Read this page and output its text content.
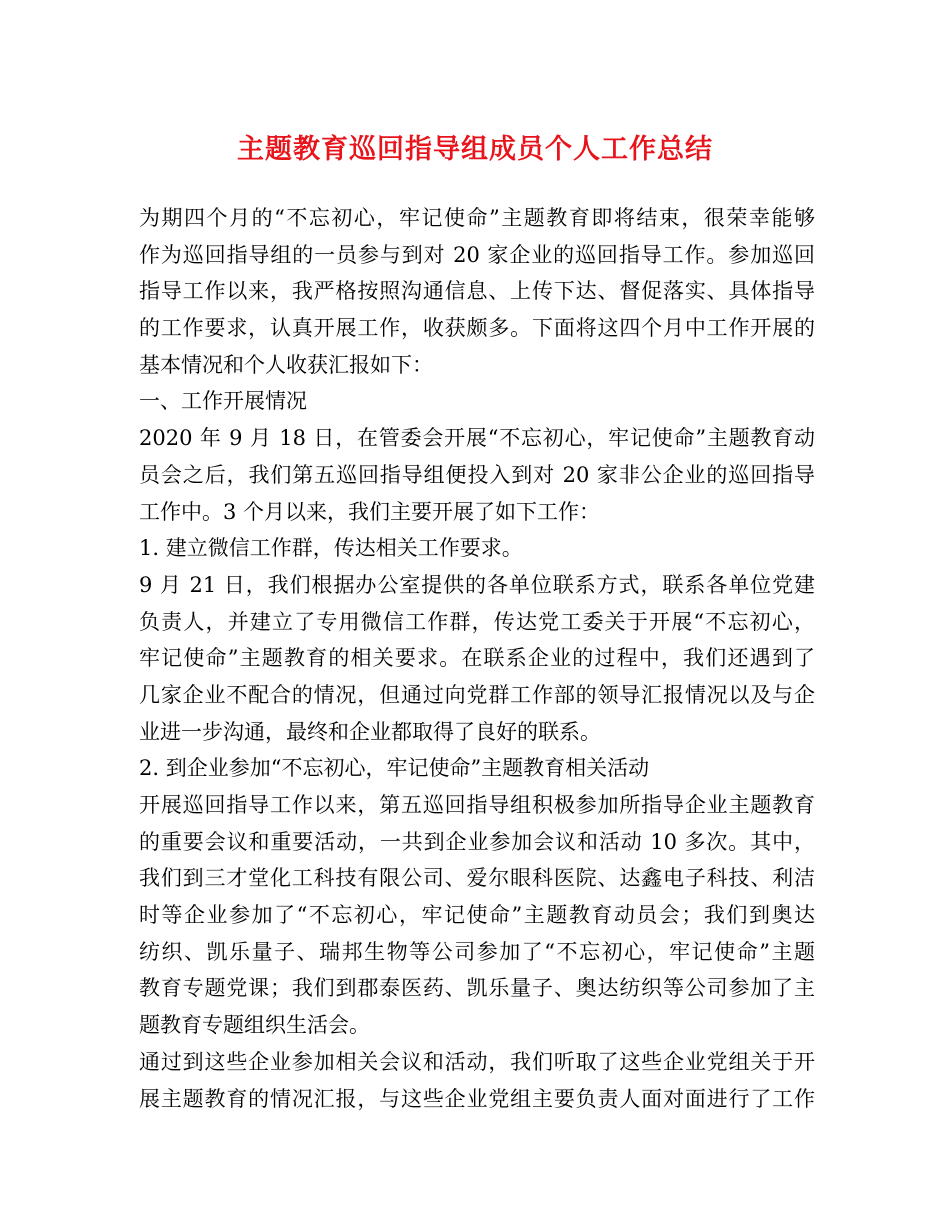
主题教育巡回指导组成员个人工作总结
为期四个月的“不忘初心，牢记使命”主题教育即将结束，很荣幸能够
作为巡回指导组的一员参与到对 20 家企业的巡回指导工作。参加巡回
指导工作以来，我严格按照沟通信息、上传下达、督促落实、具体指导
的工作要求，认真开展工作，收获颇多。下面将这四个月中工作开展的
基本情况和个人收获汇报如下：
一、工作开展情况
2020 年 9 月 18 日，在管委会开展“不忘初心，牢记使命”主题教育动
员会之后，我们第五巡回指导组便投入到对 20 家非公企业的巡回指导
工作中。3 个月以来，我们主要开展了如下工作：
1. 建立微信工作群，传达相关工作要求。
9 月 21 日，我们根据办公室提供的各单位联系方式，联系各单位党建
负责人，并建立了专用微信工作群，传达党工委关于开展“不忘初心，
牢记使命”主题教育的相关要求。在联系企业的过程中，我们还遇到了
几家企业不配合的情况，但通过向党群工作部的领导汇报情况以及与企
业进一步沟通，最终和企业都取得了良好的联系。
2. 到企业参加“不忘初心，牢记使命”主题教育相关活动
开展巡回指导工作以来，第五巡回指导组积极参加所指导企业主题教育
的重要会议和重要活动，一共到企业参加会议和活动 10 多次。其中，
我们到三才堂化工科技有限公司、爱尔眼科医院、达鑫电子科技、利洁
时等企业参加了“不忘初心，牢记使命”主题教育动员会；我们到奥达
纺织、凯乐量子、瑞邦生物等公司参加了“不忘初心，牢记使命”主题
教育专题党课；我们到郡泰医药、凯乐量子、奥达纺织等公司参加了主
题教育专题组织生活会。
通过到这些企业参加相关会议和活动，我们听取了这些企业党组关于开
展主题教育的情况汇报，与这些企业党组主要负责人面对面进行了工作
